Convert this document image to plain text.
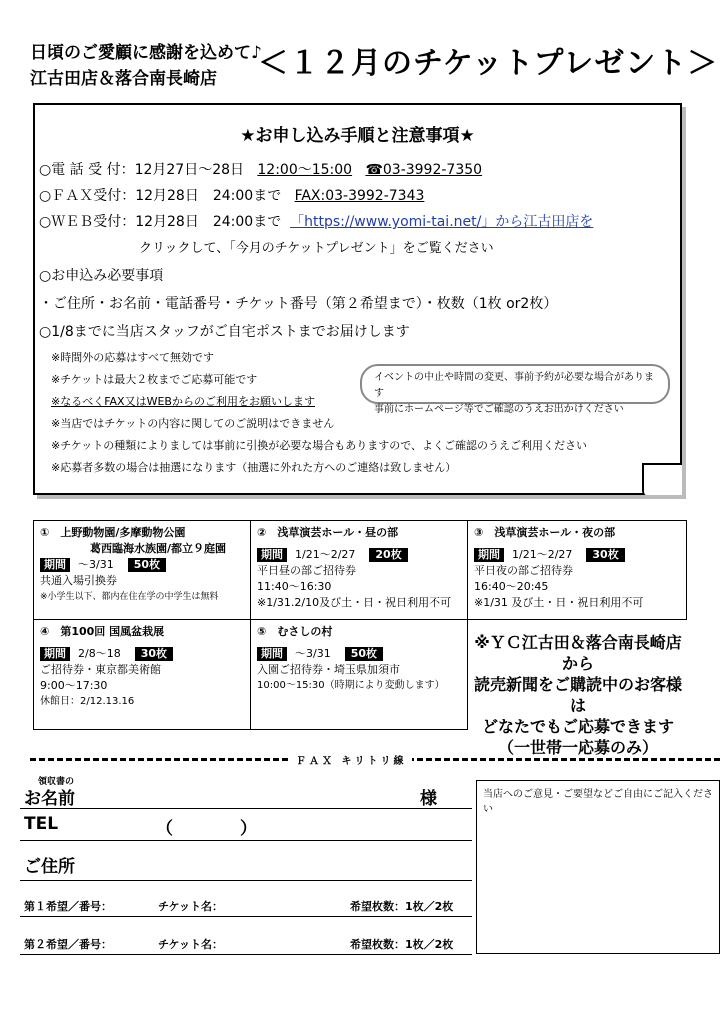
日頃のご愛顧に感謝を込めて♪
江古田店＆落合南長崎店	＜１２月のチケットプレゼント＞
★お申し込み手順と注意事項★
○電 話 受 付：12月27日～28日 12:00～15:00 ☎03-3992-7350
○ＦＡＸ受付：12月28日　24:00まで FAX:03-3992-7343
○ＷＥＢ受付：12月28日　24:00まで 「https://www.yomi-tai.net/」から江古田店を
クリックして、「今月のチケットプレゼント」をご覧ください
○お申込み必要事項
・ご住所・お名前・電話番号・チケット番号（第２希望まで）・枚数（1枚 or2枚）
○1/8までに当店スタッフがご自宅ポストまでお届けします
※時間外の応募はすべて無効です
※チケットは最大２枚までご応募可能です
※なるべくFAX又はWEBからのご利用をお願いします
※当店ではチケットの内容に関してのご説明はできません
※チケットの種類によりましては事前に引換が必要な場合もありますので、よくご確認のうえご利用ください
※応募者多数の場合は抽選になります（抽選に外れた方へのご連絡は致しません）
イベントの中止や時間の変更、事前予約が必要な場合があります
事前にホームページ等でご確認のうえお出かけください
①　上野動物園/多摩動物公園
葛西臨海水族園/都立９庭園
期間 ～3/31 50枚
共通入場引換券
※小学生以下、都内在住在学の中学生は無料
②　浅草演芸ホール・昼の部
期間 1/21～2/27 20枚
平日昼の部ご招待券
11:40～16:30
※1/31.2/10及び土・日・祝日利用不可
③　浅草演芸ホール・夜の部
期間 1/21～2/27 30枚
平日夜の部ご招待券
16:40～20:45
※1/31 及び土・日・祝日利用不可
④　第100回 国風盆栽展
期間 2/8～18 30枚
ご招待券・東京都美術館
9:00～17:30
休館日：2/12.13.16
⑤　むさしの村
期間 ～3/31 50枚
入園ご招待券・埼玉県加須市
10:00～15:30（時期により変動します）
※ＹＣ江古田＆落合南長崎店から
読売新聞をご購読中のお客様は
どなたでもご応募できます
（一世帯一応募のみ）
ＦＡＸ キリトリ線
領収書の
お名前	様
TEL	（	）
ご住所
第１希望／番号：	チケット名：	希望枚数：1枚／2枚
第２希望／番号：	チケット名：	希望枚数：1枚／2枚
当店へのご意見・ご要望などご自由にご記入ください
